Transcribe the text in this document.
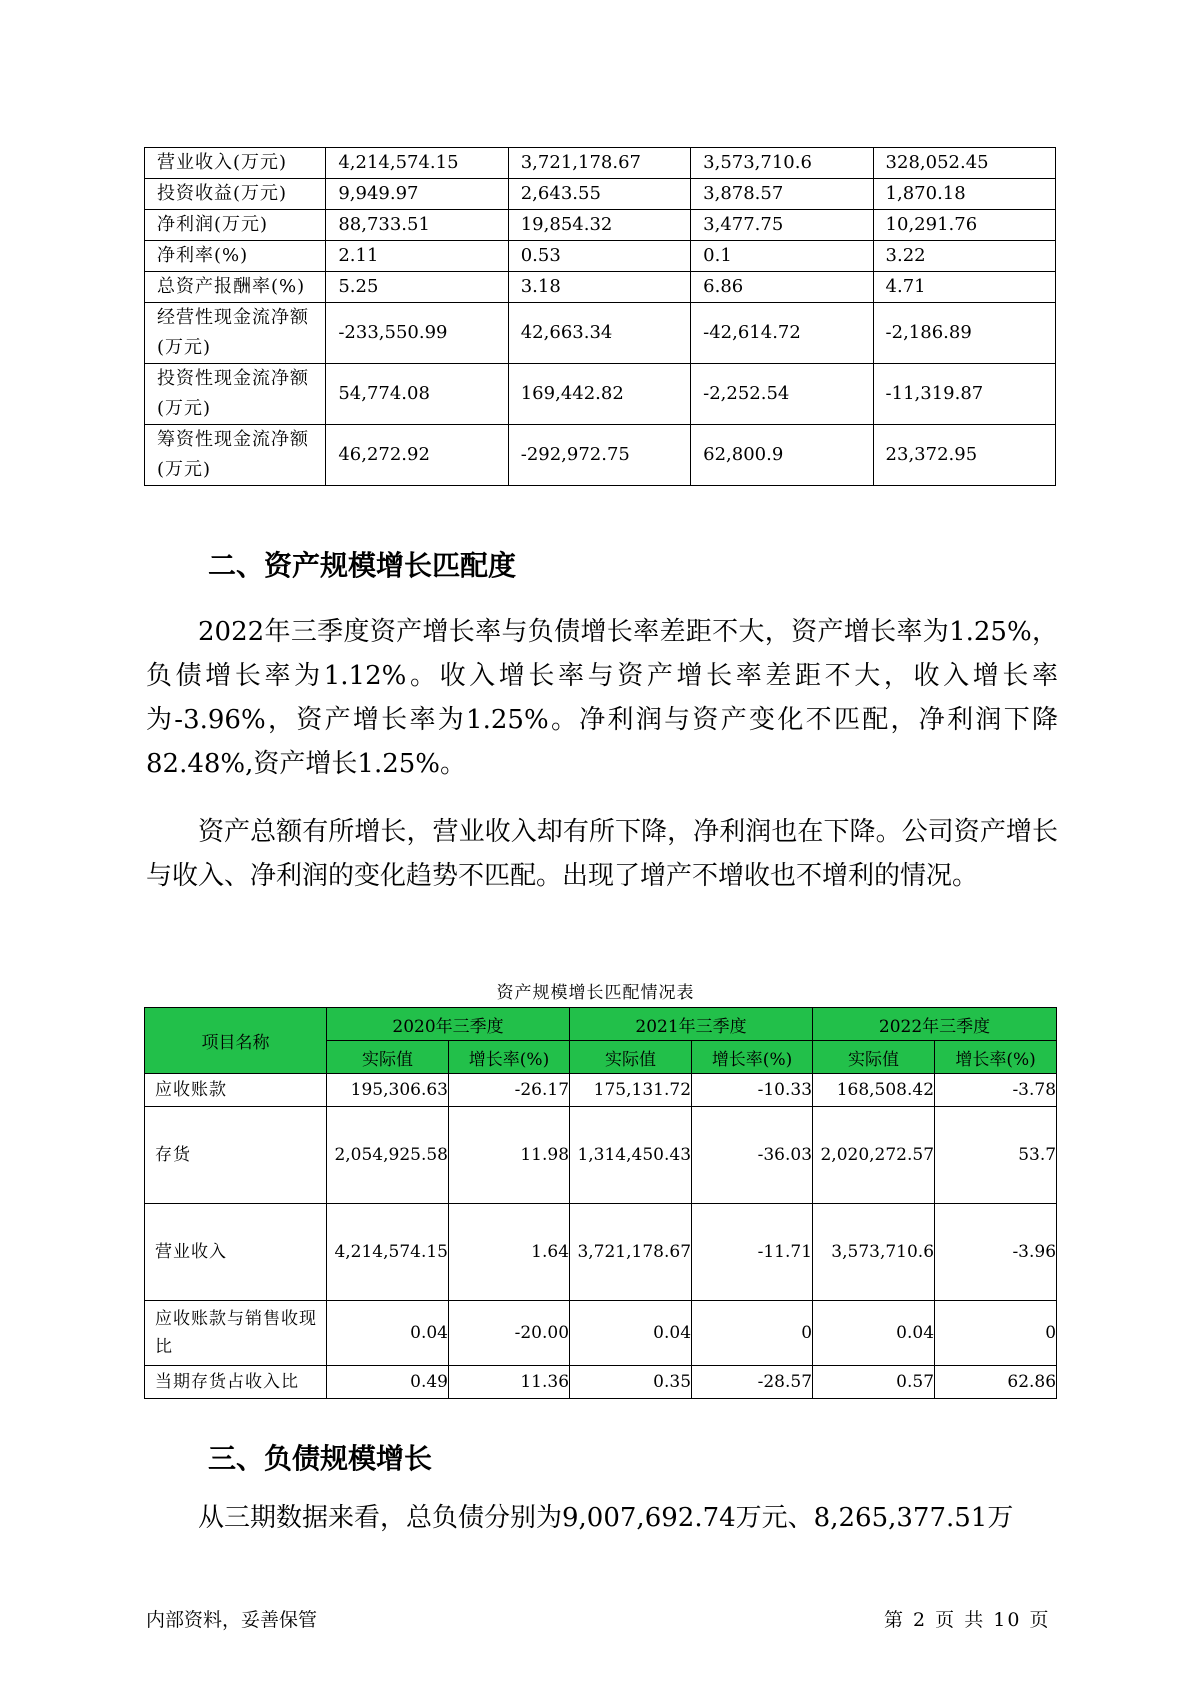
营业收入(万元)	4,214,574.15	3,721,178.67	3,573,710.6	328,052.45
投资收益(万元)	9,949.97	2,643.55	3,878.57	1,870.18
净利润(万元)	88,733.51	19,854.32	3,477.75	10,291.76
净利率(%)	2.11	0.53	0.1	3.22
总资产报酬率(%)	5.25	3.18	6.86	4.71
经营性现金流净额(万元)	-233,550.99	42,663.34	-42,614.72	-2,186.89
投资性现金流净额(万元)	54,774.08	169,442.82	-2,252.54	-11,319.87
筹资性现金流净额(万元)	46,272.92	-292,972.75	62,800.9	23,372.95
二、资产规模增长匹配度

2022年三季度资产增长率与负债增长率差距不大，资产增长率为1.25%，负债增长率为1.12%。收入增长率与资产增长率差距不大，收入增长率为-3.96%，资产增长率为1.25%。净利润与资产变化不匹配，净利润下降82.48%,资产增长1.25%。

资产总额有所增长，营业收入却有所下降，净利润也在下降。公司资产增长与收入、净利润的变化趋势不匹配。出现了增产不增收也不增利的情况。

资产规模增长匹配情况表
项目名称	2020年三季度		2021年三季度		2022年三季度	
	实际值	增长率(%)	实际值	增长率(%)	实际值	增长率(%)
应收账款	195,306.63	-26.17	175,131.72	-10.33	168,508.42	-3.78
存货	2,054,925.58	11.98	1,314,450.43	-36.03	2,020,272.57	53.7
营业收入	4,214,574.15	1.64	3,721,178.67	-11.71	3,573,710.6	-3.96
应收账款与销售收现比	0.04	-20.00	0.04	0	0.04	0
当期存货占收入比	0.49	11.36	0.35	-28.57	0.57	62.86
三、负债规模增长

从三期数据来看，总负债分别为9,007,692.74万元、8,265,377.51万

内部资料，妥善保管	第 2 页 共 10 页
